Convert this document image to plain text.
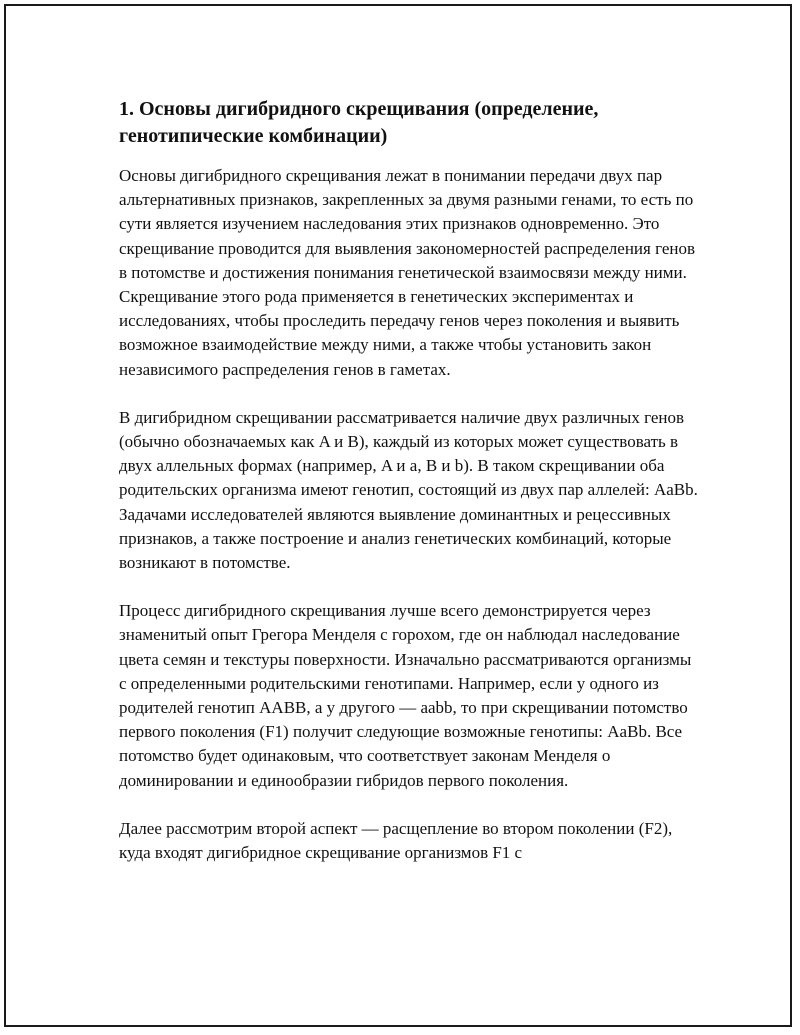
1. Основы дигибридного скрещивания (определение, генотипические комбинации)

Основы дигибридного скрещивания лежат в понимании передачи двух пар альтернативных признаков, закрепленных за двумя разными генами, то есть по сути является изучением наследования этих признаков одновременно. Это скрещивание проводится для выявления закономерностей распределения генов в потомстве и достижения понимания генетической взаимосвязи между ними. Скрещивание этого рода применяется в генетических экспериментах и исследованиях, чтобы проследить передачу генов через поколения и выявить возможное взаимодействие между ними, а также чтобы установить закон независимого распределения генов в гаметах.

В дигибридном скрещивании рассматривается наличие двух различных генов (обычно обозначаемых как A и B), каждый из которых может существовать в двух аллельных формах (например, A и a, B и b). В таком скрещивании оба родительских организма имеют генотип, состоящий из двух пар аллелей: AaBb. Задачами исследователей являются выявление доминантных и рецессивных признаков, а также построение и анализ генетических комбинаций, которые возникают в потомстве.

Процесс дигибридного скрещивания лучше всего демонстрируется через знаменитый опыт Грегора Менделя с горохом, где он наблюдал наследование цвета семян и текстуры поверхности. Изначально рассматриваются организмы с определенными родительскими генотипами. Например, если у одного из родителей генотип AABB, а у другого — aabb, то при скрещивании потомство первого поколения (F1) получит следующие возможные генотипы: AaBb. Все потомство будет одинаковым, что соответствует законам Менделя о доминировании и единообразии гибридов первого поколения.

Далее рассмотрим второй аспект — расщепление во втором поколении (F2), куда входят дигибридное скрещивание организмов F1 с
